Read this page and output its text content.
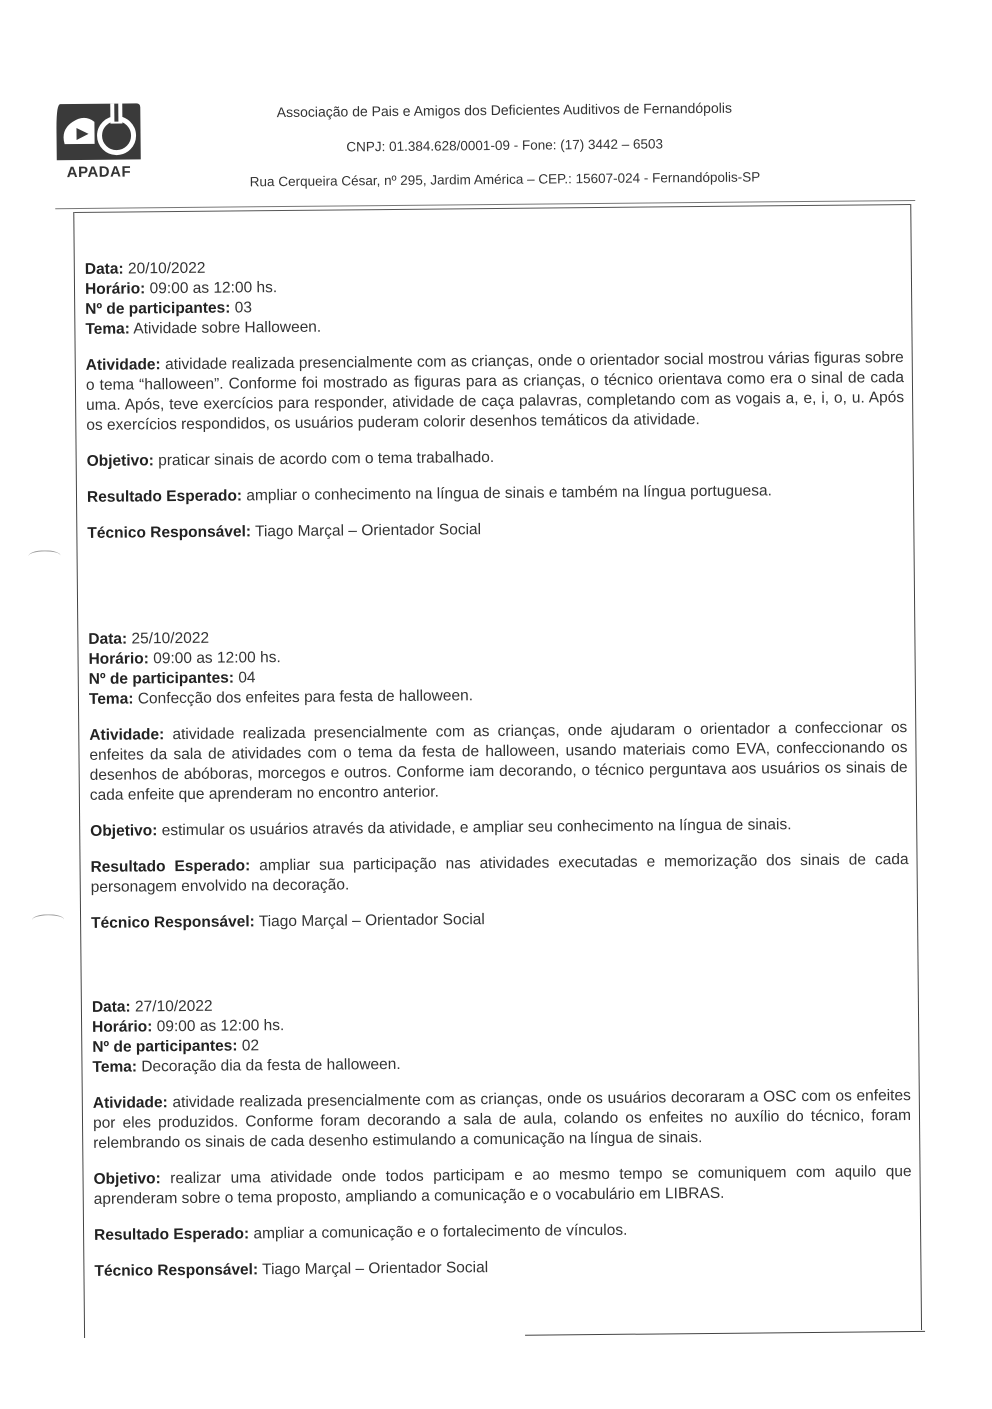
APADAF
Associação de Pais e Amigos dos Deficientes Auditivos de Fernandópolis
CNPJ: 01.384.628/0001-09 - Fone: (17) 3442 – 6503
Rua Cerqueira César, nº 295, Jardim América – CEP.: 15607-024 - Fernandópolis-SP

Data: 20/10/2022

Horário: 09:00 as 12:00 hs.

Nº de participantes: 03

Tema: Atividade sobre Halloween.

Atividade: atividade realizada presencialmente com as crianças, onde o orientador social mostrou várias figuras sobre o tema “halloween”. Conforme foi mostrado as figuras para as crianças, o técnico orientava como era o sinal de cada uma. Após, teve exercícios para responder, atividade de caça palavras, completando com as vogais a, e, i, o, u. Após os exercícios respondidos, os usuários puderam colorir desenhos temáticos da atividade.

Objetivo: praticar sinais de acordo com o tema trabalhado.

Resultado Esperado: ampliar o conhecimento na língua de sinais e também na língua portuguesa.

Técnico Responsável: Tiago Marçal – Orientador Social

Data: 25/10/2022

Horário: 09:00 as 12:00 hs.

Nº de participantes: 04

Tema: Confecção dos enfeites para festa de halloween.

Atividade: atividade realizada presencialmente com as crianças, onde ajudaram o orientador a confeccionar os enfeites da sala de atividades com o tema da festa de halloween, usando materiais como EVA, confeccionando os desenhos de abóboras, morcegos e outros. Conforme iam decorando, o técnico perguntava aos usuários os sinais de cada enfeite que aprenderam no encontro anterior.

Objetivo: estimular os usuários através da atividade, e ampliar seu conhecimento na língua de sinais.

Resultado Esperado: ampliar sua participação nas atividades executadas e memorização dos sinais de cada personagem envolvido na decoração.

Técnico Responsável: Tiago Marçal – Orientador Social

Data: 27/10/2022

Horário: 09:00 as 12:00 hs.

Nº de participantes: 02

Tema: Decoração dia da festa de halloween.

Atividade: atividade realizada presencialmente com as crianças, onde os usuários decoraram a OSC com os enfeites por eles produzidos. Conforme foram decorando a sala de aula, colando os enfeites no auxílio do técnico, foram relembrando os sinais de cada desenho estimulando a comunicação na língua de sinais.

Objetivo: realizar uma atividade onde todos participam e ao mesmo tempo se comuniquem com aquilo que aprenderam sobre o tema proposto, ampliando a comunicação e o vocabulário em LIBRAS.

Resultado Esperado: ampliar a comunicação e o fortalecimento de vínculos.

Técnico Responsável: Tiago Marçal – Orientador Social
